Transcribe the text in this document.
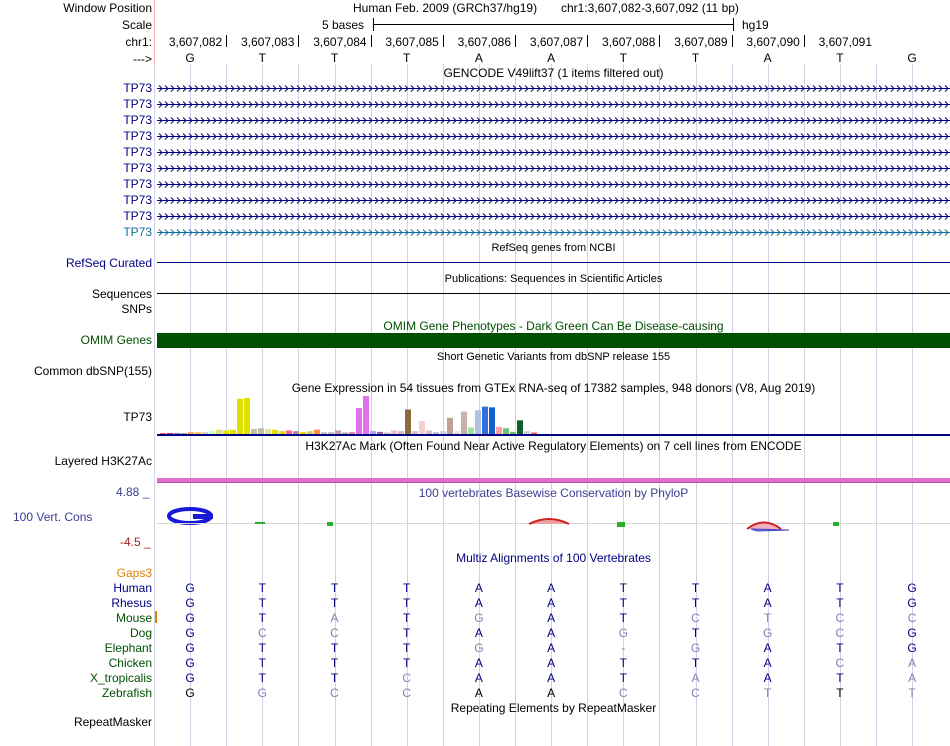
Window Position
Scale
chr1:
--->
Human Feb. 2009 (GRCh37/hg19) chr1:3,607,082-3,607,092 (11 bp)
5 bases	hg19
3,607,082 3,607,083 3,607,084 3,607,085 3,607,086 3,607,087 3,607,088 3,607,089 3,607,090 3,607,091
G	T	T	T	A	A	T	T	A	T	G
GENCODE V49lift37 (1 items filtered out)
TP73
TP73
TP73
TP73
TP73
TP73
TP73
TP73
TP73
TP73
RefSeq genes from NCBI
RefSeq Curated
Publications: Sequences in Scientific Articles
Sequences
SNPs
OMIM Gene Phenotypes - Dark Green Can Be Disease-causing
OMIM Genes
Short Genetic Variants from dbSNP release 155
Common dbSNP(155)
Gene Expression in 54 tissues from GTEx RNA-seq of 17382 samples, 948 donors (V8, Aug 2019)
TP73
H3K27Ac Mark (Often Found Near Active Regulatory Elements) on 7 cell lines from ENCODE
Layered H3K27Ac
100 vertebrates Basewise Conservation by PhyloP
4.88 _
100 Vert. Cons
-4.5 _
Multiz Alignments of 100 Vertebrates
Gaps3
Human	G	T	T	T	A	A	T	T	A	T	G
Rhesus	G	T	T	T	A	A	T	T	A	T	G
Mouse	G	T	A	T	G	A	T	C	T	C	C
Dog	G	C	C	T	A	A	G	T	G	C	G
Elephant	G	T	T	T	G	A	-	G	A	T	G
Chicken	G	T	T	T	A	A	T	T	A	C	A
X_tropicalis	G	T	T	C	A	A	T	A	A	T	A
Zebrafish	G	G	C	C	A	A	C	C	T	T	T
Repeating Elements by RepeatMasker
RepeatMasker
